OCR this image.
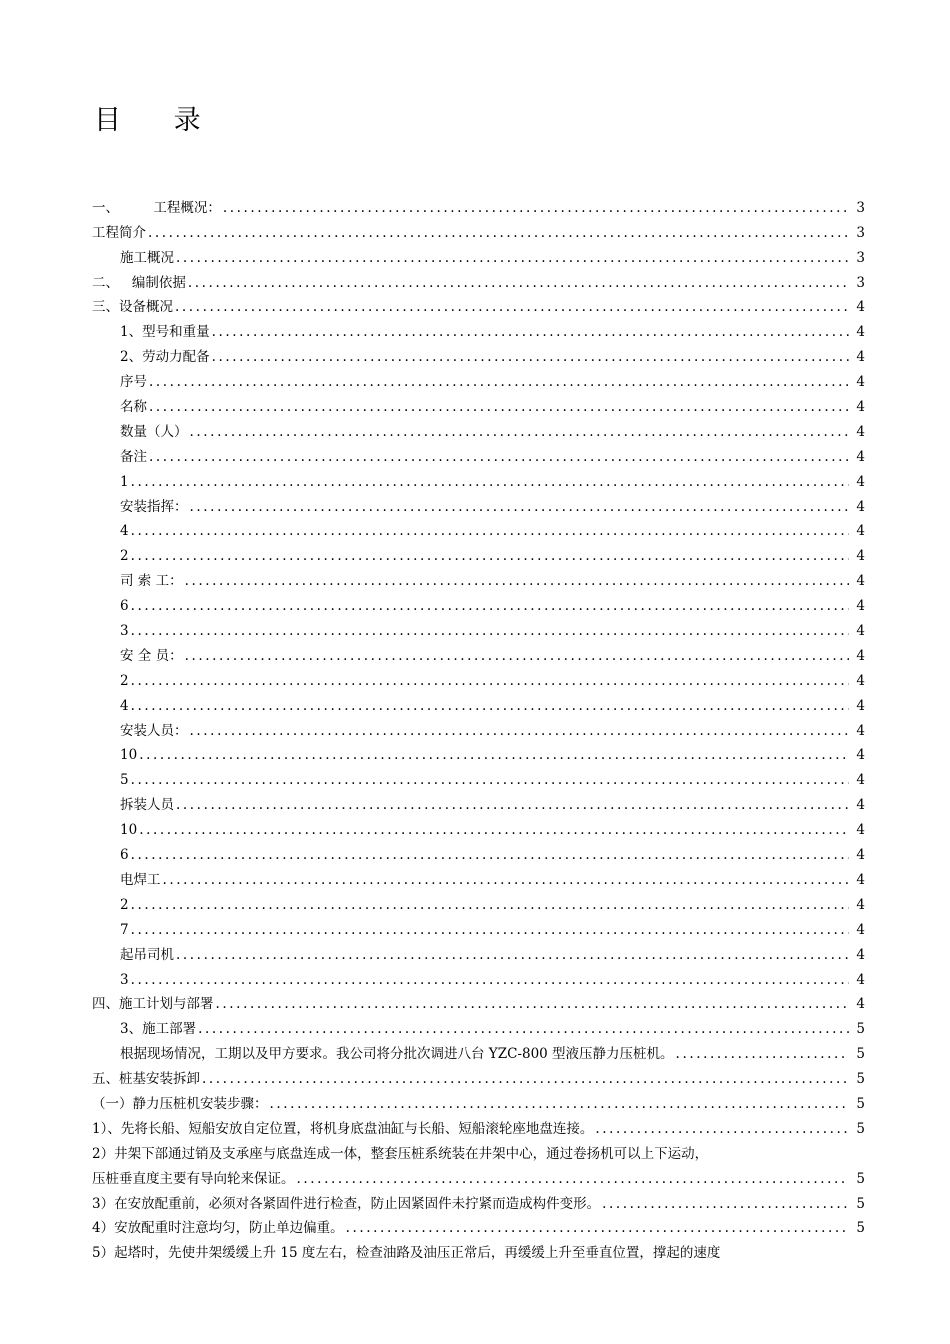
目 录
一、        工程概况： .....	3
工程简介 .....	3
施工概况 .....	3
二、   编制依据 .....	3
三、设备概况 .....	4
1、型号和重量 .....	4
2、劳动力配备 .....	4
序号 .....	4
名称 .....	4
数量（人） .....	4
备注 .....	4
1 .....	4
安装指挥： .....	4
4 .....	4
2 .....	4
司 索 工： .....	4
6 .....	4
3 .....	4
安 全 员： .....	4
2 .....	4
4 .....	4
安装人员： .....	4
10 .....	4
5 .....	4
拆装人员 .....	4
10 .....	4
6 .....	4
电焊工 .....	4
2 .....	4
7 .....	4
起吊司机 .....	4
3 .....	4
四、施工计划与部署 .....	4
3、施工部署 .....	5
根据现场情况，工期以及甲方要求。我公司将分批次调进八台 YZC-800 型液压静力压桩机。 .....	5
五、桩基安装拆卸 .....	5
（一）静力压桩机安装步骤： .....	5
1）、先将长船、短船安放自定位置，将机身底盘油缸与长船、短船滚轮座地盘连接。 .....	5
2）井架下部通过销及支承座与底盘连成一体，整套压桩系统装在井架中心，通过卷扬机可以上下运动，
压桩垂直度主要有导向轮来保证。 .....	5
3）在安放配重前，必须对各紧固件进行检查，防止因紧固件未拧紧而造成构件变形。 .....	5
4）安放配重时注意均匀，防止单边偏重。 .....	5
5）起塔时，先使井架缓缓上升 15 度左右，检查油路及油压正常后，再缓缓上升至垂直位置，撑起的速度
